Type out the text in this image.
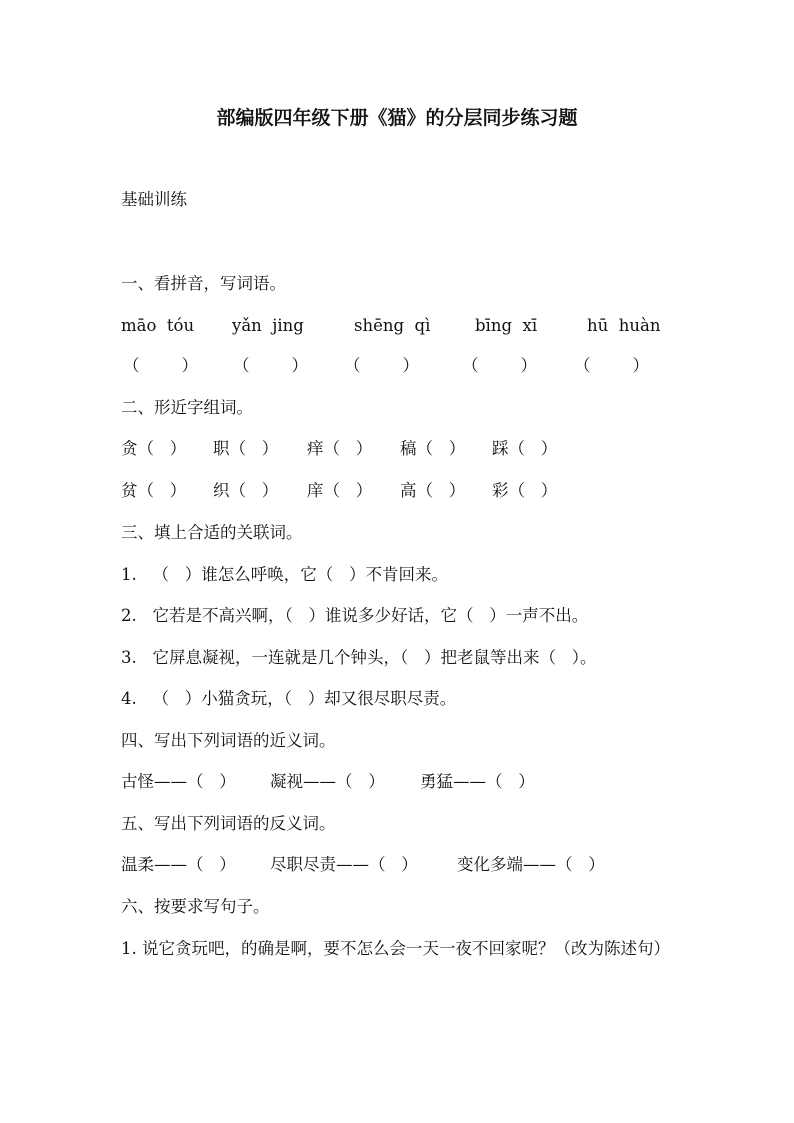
部编版四年级下册《猫》的分层同步练习题
基础训练
一、看拼音，写词语。
māo  tóu yǎn  jing	shēng  qì	bīng  xī	hū  huàn
（        ） （        ） （        ）	（        ） （        ）
二、形近字组词。
贪（   ） 职（   ） 痒（   ） 稿（   ） 踩（   ）
贫（   ） 织（   ） 庠（   ） 高（   ） 彩（   ）
三、填上合适的关联词。
1.   （   ）谁怎么呼唤，它（   ）不肯回来。
2.   它若是不高兴啊，（   ）谁说多少好话，它（   ）一声不出。
3.   它屏息凝视，一连就是几个钟头，（   ）把老鼠等出来（   ）。
4.   （   ）小猫贪玩，（   ）却又很尽职尽责。
四、写出下列词语的近义词。
古怪——（   ） 凝视——（   ） 勇猛——（   ）
五、写出下列词语的反义词。
温柔——（   ） 尽职尽责——（   ） 变化多端——（   ）
六、按要求写句子。
1. 说它贪玩吧，的确是啊，要不怎么会一天一夜不回家呢？（改为陈述句）
